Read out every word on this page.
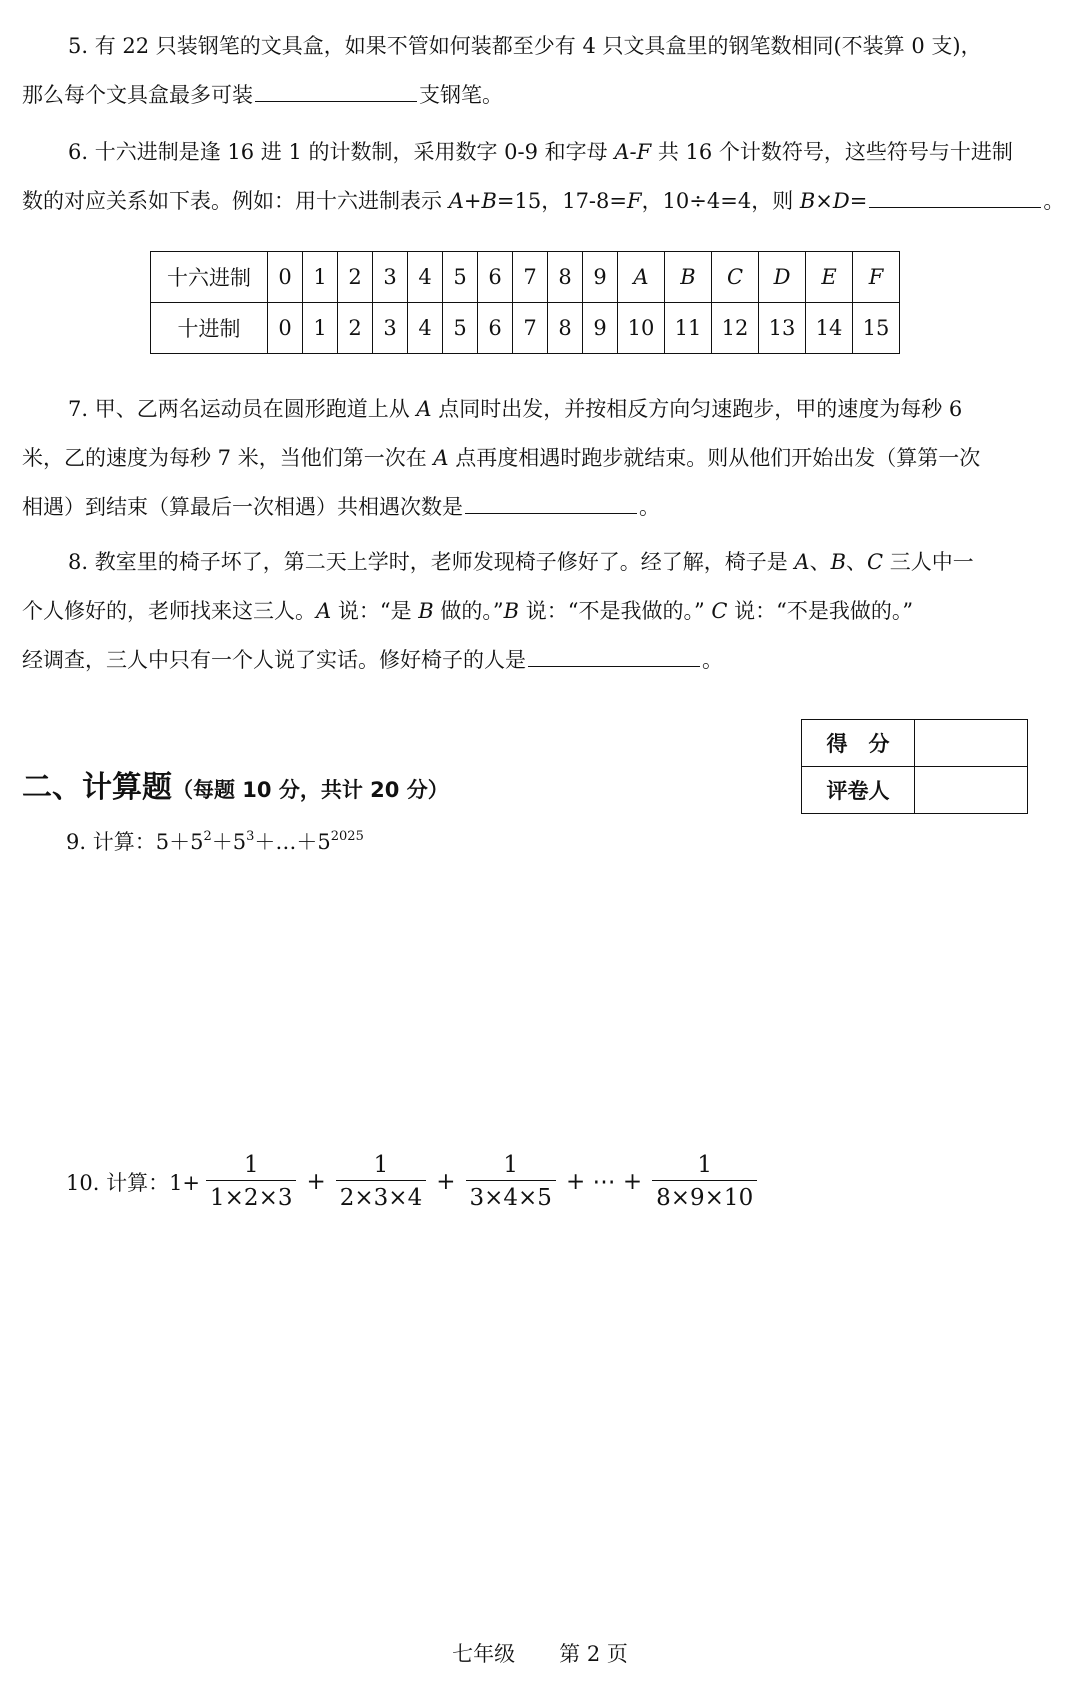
5. 有 22 只装钢笔的文具盒，如果不管如何装都至少有 4 只文具盒里的钢笔数相同(不装算 0 支)，
那么每个文具盒最多可装	支钢笔。
6. 十六进制是逢 16 进 1 的计数制，采用数字 0-9 和字母 A-F 共 16 个计数符号，这些符号与十进制
数的对应关系如下表。例如：用十六进制表示 A+B=15，17-8=F，10÷4=4，则 B×D=	。
十六进制	0	1	2	3	4	5	6	7	8	9	A	B	C	D	E	F
十进制	0	1	2	3	4	5	6	7	8	9	10	11	12	13	14	15
7. 甲、乙两名运动员在圆形跑道上从 A 点同时出发，并按相反方向匀速跑步，甲的速度为每秒 6
米，乙的速度为每秒 7 米，当他们第一次在 A 点再度相遇时跑步就结束。则从他们开始出发（算第一次
相遇）到结束（算最后一次相遇）共相遇次数是	。
8. 教室里的椅子坏了，第二天上学时，老师发现椅子修好了。经了解，椅子是 A、B、C 三人中一
个人修好的，老师找来这三人。A 说：“是 B 做的。”B 说：“不是我做的。” C 说：“不是我做的。”
经调查，三人中只有一个人说了实话。修好椅子的人是	。
得　分	
评卷人	
二、计算题（每题 10 分，共计 20 分）
9. 计算：$5+5^2+5^3+\dots+5^{2025}$
10. 计算：$1+ \frac{1}{1\times 2\times 3} + \frac{1}{2\times 3\times 4} + \frac{1}{3\times 4\times 5}$ + ⋯ + $\frac{1}{8\times 9\times 10}$
七年级 第 2 页
